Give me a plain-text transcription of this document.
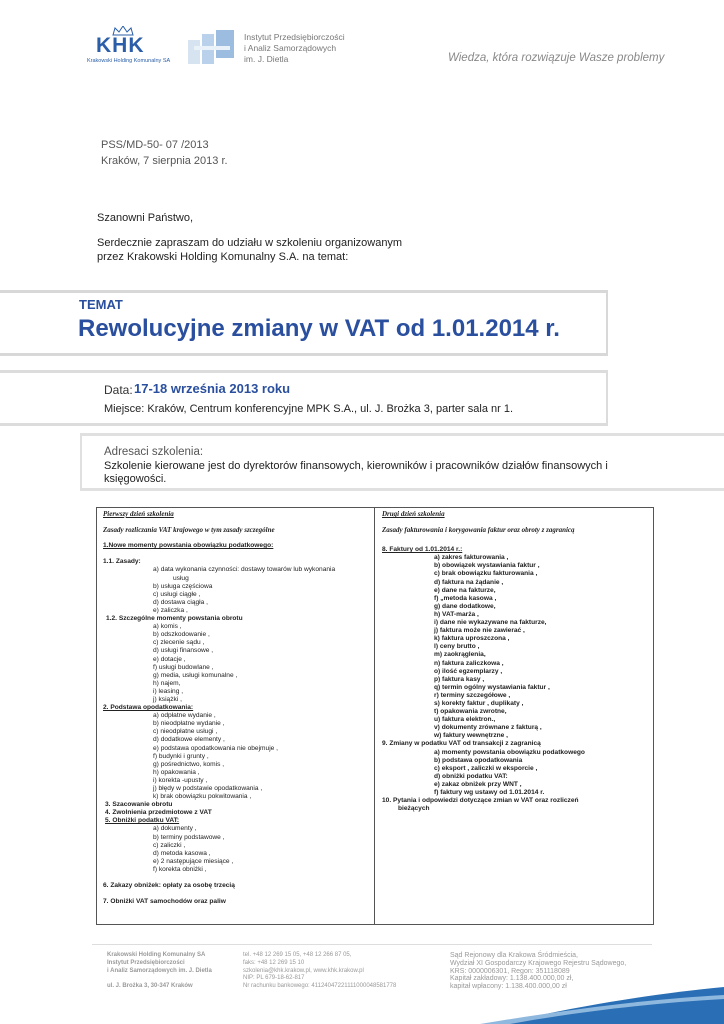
KHK
Krakowski Holding Komunalny SA
Instytut Przedsiębiorczości
i Analiz Samorządowych
im. J. Dietla	Wiedza, która rozwiązuje Wasze problemy
PSS/MD-50- 07 /2013
Kraków, 7 sierpnia 2013 r.
Szanowni Państwo,
Serdecznie zapraszam do udziału w szkoleniu organizowanym
przez Krakowski Holding Komunalny S.A. na temat:
TEMAT
Rewolucyjne zmiany w VAT od 1.01.2014 r.
Data: 17-18 września 2013 roku
Miejsce: Kraków, Centrum konferencyjne MPK S.A., ul. J. Brożka 3, parter sala nr 1.
Adresaci szkolenia:
Szkolenie kierowane jest do dyrektorów finansowych, kierowników i pracowników działów finansowych i księgowości.
Pierwszy dzień szkolenia
Zasady rozliczania VAT krajowego w tym zasady szczególne
1.Nowe momenty powstania obowiązku podatkowego:
1.1. Zasady:
a) data wykonania czynności: dostawy towarów lub wykonania
usług
b) usługa częściowa
c) usługi ciągłe ,
d) dostawa ciągła ,
e) zaliczka ,
1.2. Szczególne momenty powstania obrotu
a) komis ,
b) odszkodowanie ,
c) zlecenie sądu ,
d) usługi finansowe ,
e) dotacje ,
f) usługi budowlane ,
g) media, usługi komunalne ,
h) najem,
i) leasing ,
j) książki ,
2. Podstawa opodatkowania:
a) odpłatne wydanie ,
b) nieodpłatne wydanie ,
c) nieodpłatne usługi ,
d) dodatkowe elementy ,
e) podstawa opodatkowania nie obejmuje ,
f) budynki i grunty ,
g) pośrednictwo, komis ,
h) opakowania ,
i) korekta -upusty ,
j) błędy w podstawie opodatkowania ,
k) brak obowiązku pokwitowania ,
3. Szacowanie obrotu
4. Zwolnienia przedmiotowe z VAT
5. Obniżki podatku VAT:
a) dokumenty ,
b) terminy podstawowe ,
c) zaliczki ,
d) metoda kasowa ,
e) 2 następujące miesiące ,
f) korekta obniżki ,
6. Zakazy obniżek: opłaty za osobę trzecią
7. Obniżki VAT samochodów oraz paliw
Drugi dzień szkolenia
Zasady fakturowania i korygowania faktur oraz obroty z zagranicą
8. Faktury od 1.01.2014 r.:
a) zakres fakturowania ,
b) obowiązek wystawiania faktur ,
c) brak obowiązku fakturowania ,
d) faktura na żądanie ,
e) dane na fakturze,
f) „metoda kasowa ,
g) dane dodatkowe,
h) VAT-marża ,
i) dane nie wykazywane na fakturze,
j) faktura może nie zawierać ,
k) faktura uproszczona ,
l) ceny brutto ,
m) zaokrąglenia,
n) faktura zaliczkowa ,
o) ilość egzemplarzy ,
p) faktura kasy ,
q) termin ogólny wystawiania faktur ,
r) terminy szczegółowe ,
s) korekty faktur , duplikaty ,
t) opakowania zwrotne,
u) faktura elektron.,
v) dokumenty zrównane z fakturą ,
w) faktury wewnętrzne ,
9. Zmiany w podatku VAT od transakcji z zagranicą
a) momenty powstania obowiązku podatkowego
b) podstawa opodatkowania
c) eksport , zaliczki w eksporcie ,
d) obniżki podatku VAT:
e) zakaz obniżek przy WNT ,
f) faktury wg ustawy od 1.01.2014 r.
10. Pytania i odpowiedzi dotyczące zmian w VAT oraz rozliczeń
bieżących
Krakowski Holding Komunalny SA
Instytut Przedsiębiorczości
i Analiz Samorządowych im. J. Dietla
ul. J. Brożka 3, 30-347 Kraków
tel. +48 12 269 15 05, +48 12 266 87 05,
faks: +48 12 269 15 10
szkolenia@khk.krakow.pl, www.khk.krakow.pl
NIP: PL 679-18-62-817
Nr rachunku bankowego: 41124047221111000048581778
Sąd Rejonowy dla Krakowa Śródmieścia,
Wydział XI Gospodarczy Krajowego Rejestru Sądowego,
KRS: 0000006301, Regon: 351118089
Kapitał zakładowy: 1.138.400.000,00 zł,
kapitał wpłacony: 1.138.400.000,00 zł
